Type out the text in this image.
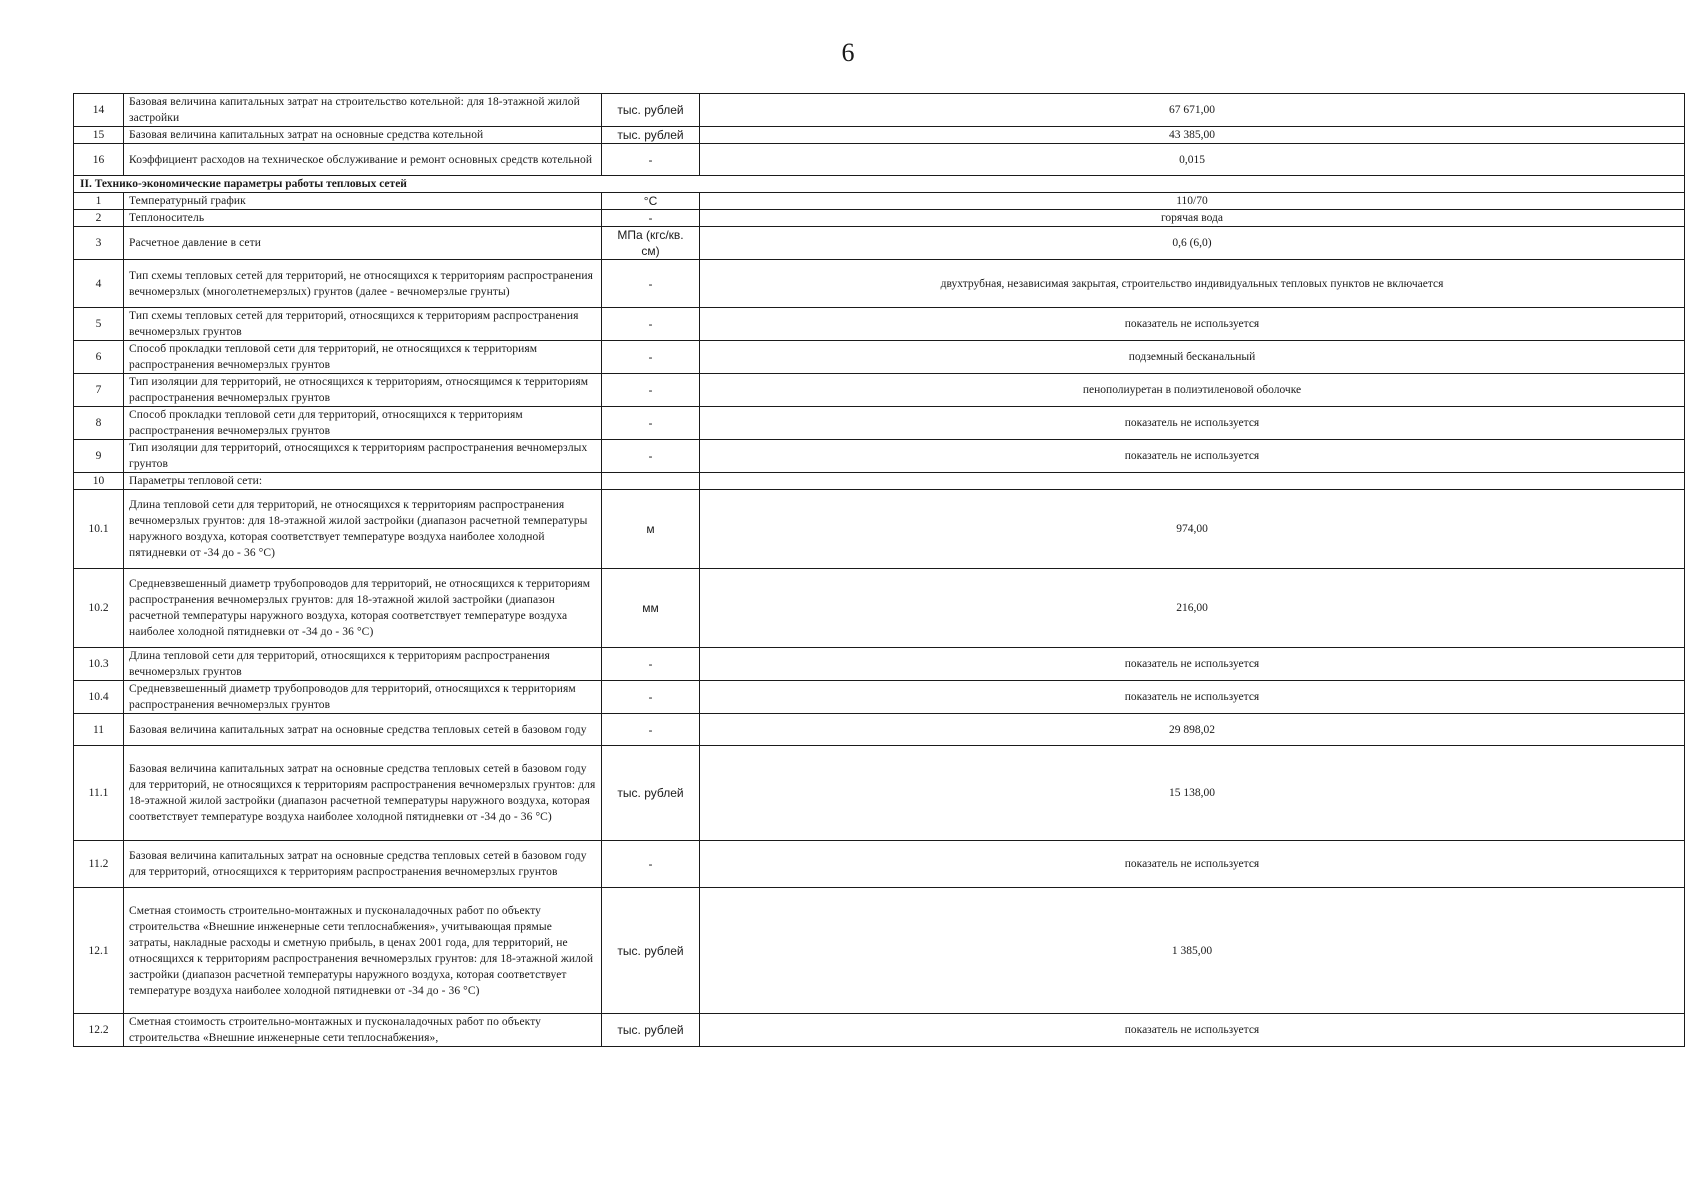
6
14	Базовая величина капитальных затрат на строительство котельной: для 18-этажной жилой застройки	тыс. рублей	67 671,00
15	Базовая величина капитальных затрат на основные средства котельной	тыс. рублей	43 385,00
16	Коэффициент расходов на техническое обслуживание и ремонт основных средств котельной	-	0,015
II. Технико-экономические параметры работы тепловых сетей			
1	Температурный график	°C	110/70
2	Теплоноситель	-	горячая вода
3	Расчетное давление в сети	МПа (кгс/кв. см)	0,6 (6,0)
4	Тип схемы тепловых сетей для территорий, не относящихся к территориям распространения вечномерзлых (многолетнемерзлых) грунтов (далее - вечномерзлые грунты)	-	двухтрубная, независимая закрытая, строительство индивидуальных тепловых пунктов не включается
5	Тип схемы тепловых сетей для территорий, относящихся к территориям распространения вечномерзлых грунтов	-	показатель не используется
6	Способ прокладки тепловой сети для территорий, не относящихся к территориям распространения вечномерзлых грунтов	-	подземный бесканальный
7	Тип изоляции для территорий, не относящихся к территориям, относящимся к территориям распространения вечномерзлых грунтов	-	пенополиуретан в полиэтиленовой оболочке
8	Способ прокладки тепловой сети для территорий, относящихся к территориям распространения вечномерзлых грунтов	-	показатель не используется
9	Тип изоляции для территорий, относящихся к территориям распространения вечномерзлых грунтов	-	показатель не используется
10	Параметры тепловой сети:		
10.1	Длина тепловой сети для территорий, не относящихся к территориям распространения вечномерзлых грунтов: для 18-этажной жилой застройки (диапазон расчетной температуры наружного воздуха, которая соответствует температуре воздуха наиболее холодной пятидневки от -34 до - 36 °C)	м	974,00
10.2	Средневзвешенный диаметр трубопроводов для территорий, не относящихся к территориям распространения вечномерзлых грунтов: для 18-этажной жилой застройки (диапазон расчетной температуры наружного воздуха, которая соответствует температуре воздуха наиболее холодной пятидневки от -34 до - 36 °C)	мм	216,00
10.3	Длина тепловой сети для территорий, относящихся к территориям распространения вечномерзлых грунтов	-	показатель не используется
10.4	Средневзвешенный диаметр трубопроводов для территорий, относящихся к территориям распространения вечномерзлых грунтов	-	показатель не используется
11	Базовая величина капитальных затрат на основные средства тепловых сетей в базовом году	-	29 898,02
11.1	Базовая величина капитальных затрат на основные средства тепловых сетей в базовом году для территорий, не относящихся к территориям распространения вечномерзлых грунтов: для 18-этажной жилой застройки (диапазон расчетной температуры наружного воздуха, которая соответствует температуре воздуха наиболее холодной пятидневки от -34 до - 36 °C)	тыс. рублей	15 138,00
11.2	Базовая величина капитальных затрат на основные средства тепловых сетей в базовом году для территорий, относящихся к территориям распространения вечномерзлых грунтов	-	показатель не используется
12.1	Сметная стоимость строительно-монтажных и пусконаладочных работ по объекту строительства «Внешние инженерные сети теплоснабжения», учитывающая прямые затраты, накладные расходы и сметную прибыль, в ценах 2001 года, для территорий, не относящихся к территориям распространения вечномерзлых грунтов: для 18-этажной жилой застройки (диапазон расчетной температуры наружного воздуха, которая соответствует температуре воздуха наиболее холодной пятидневки от -34 до - 36 °C)	тыс. рублей	1 385,00
12.2	Сметная стоимость строительно-монтажных и пусконаладочных работ по объекту строительства «Внешние инженерные сети теплоснабжения»,	тыс. рублей	показатель не используется
